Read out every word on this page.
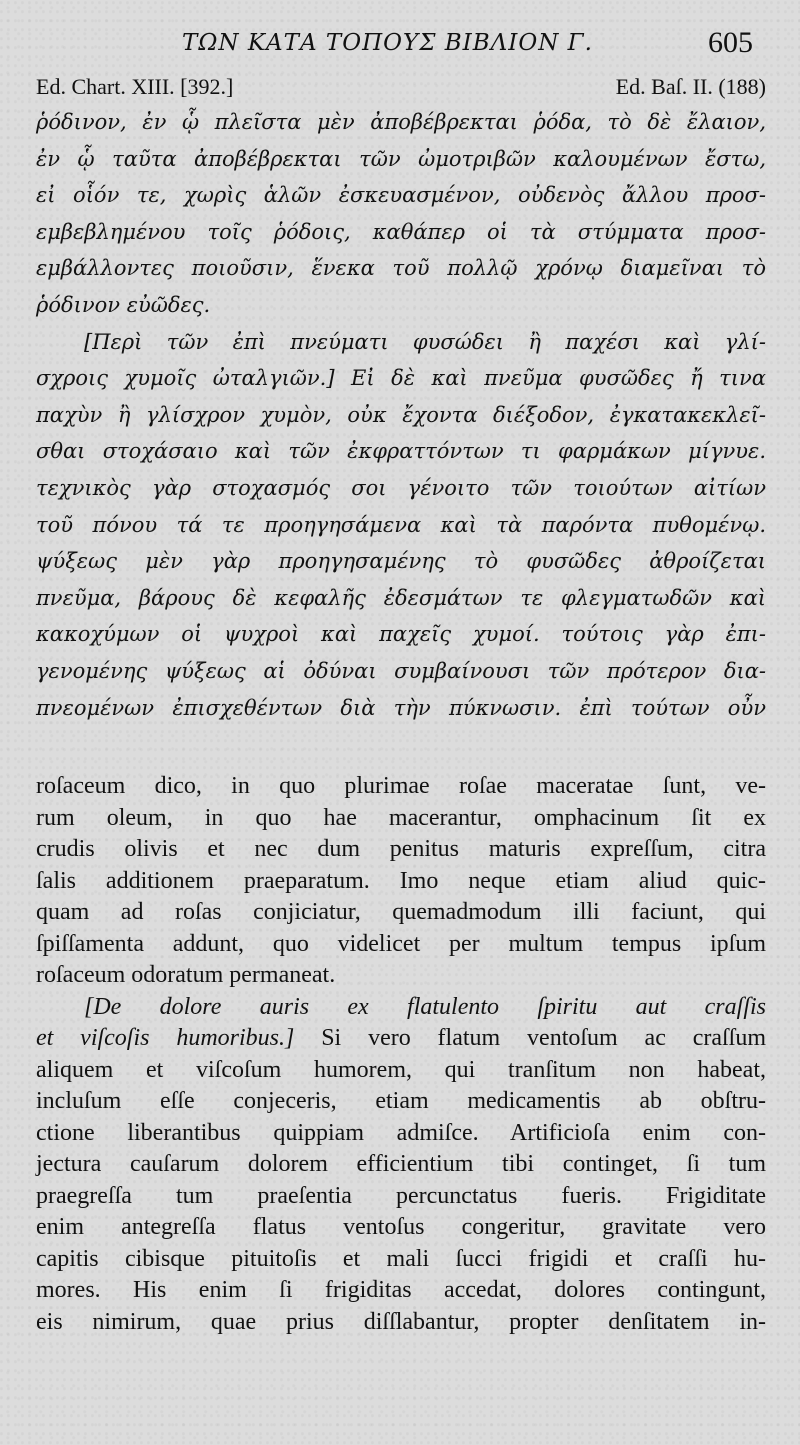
ΤΩΝ ΚΑΤΑ ΤΟΠΟΥΣ ΒΙΒΛΙΟΝ Γ.	605
Ed. Chart. XIII. [392.]	Ed. Baſ. II. (188)
ῥόδινον, ἐν ᾧ πλεῖστα μὲν ἀποβέβρεκται ῥόδα, τὸ δὲ ἔλαιον,
ἐν ᾧ ταῦτα ἀποβέβρεκται τῶν ὠμοτριβῶν καλουμένων ἔστω,
εἰ οἷόν τε, χωρὶς ἁλῶν ἐσκευασμένον, οὐδενὸς ἄλλου προσ-
εμβεβλημένου τοῖς ῥόδοις, καθάπερ οἱ τὰ στύμματα προσ-
εμβάλλοντες ποιοῦσιν, ἕνεκα τοῦ πολλῷ χρόνῳ διαμεῖναι τὸ
ῥόδινον εὐῶδες.
[Περὶ τῶν ἐπὶ πνεύματι φυσώδει ἢ παχέσι καὶ γλί-
σχροις χυμοῖς ὠταλγιῶν.] Εἰ δὲ καὶ πνεῦμα φυσῶδες ἤ τινα
παχὺν ἢ γλίσχρον χυμὸν, οὐκ ἔχοντα διέξοδον, ἐγκατακεκλεῖ-
σθαι στοχάσαιο καὶ τῶν ἐκφραττόντων τι φαρμάκων μίγνυε.
τεχνικὸς γὰρ στοχασμός σοι γένοιτο τῶν τοιούτων αἰτίων
τοῦ πόνου τά τε προηγησάμενα καὶ τὰ παρόντα πυθομένῳ.
ψύξεως μὲν γὰρ προηγησαμένης τὸ φυσῶδες ἀθροίζεται
πνεῦμα, βάρους δὲ κεφαλῆς ἐδεσμάτων τε φλεγματωδῶν καὶ
κακοχύμων οἱ ψυχροὶ καὶ παχεῖς χυμοί. τούτοις γὰρ ἐπι-
γενομένης ψύξεως αἱ ὀδύναι συμβαίνουσι τῶν πρότερον δια-
πνεομένων ἐπισχεθέντων διὰ τὴν πύκνωσιν. ἐπὶ τούτων οὖν
roſaceum dico, in quo plurimae roſae maceratae ſunt, ve-
rum oleum, in quo hae macerantur, omphacinum ſit ex
crudis olivis et nec dum penitus maturis expreſſum, citra
ſalis additionem praeparatum. Imo neque etiam aliud quic-
quam ad roſas conjiciatur, quemadmodum illi faciunt, qui
ſpiſſamenta addunt, quo videlicet per multum tempus ipſum
roſaceum odoratum permaneat.
[De dolore auris ex flatulento ſpiritu aut craſſis
et viſcoſis humoribus.] Si vero flatum ventoſum ac craſſum
aliquem et viſcoſum humorem, qui tranſitum non habeat,
incluſum eſſe conjeceris, etiam medicamentis ab obſtru-
ctione liberantibus quippiam admiſce. Artificioſa enim con-
jectura cauſarum dolorem efficientium tibi continget, ſi tum
praegreſſa tum praeſentia percunctatus fueris. Frigiditate
enim antegreſſa flatus ventoſus congeritur, gravitate vero
capitis cibisque pituitoſis et mali ſucci frigidi et craſſi hu-
mores. His enim ſi frigiditas accedat, dolores contingunt,
eis nimirum, quae prius diſſlabantur, propter denſitatem in-
